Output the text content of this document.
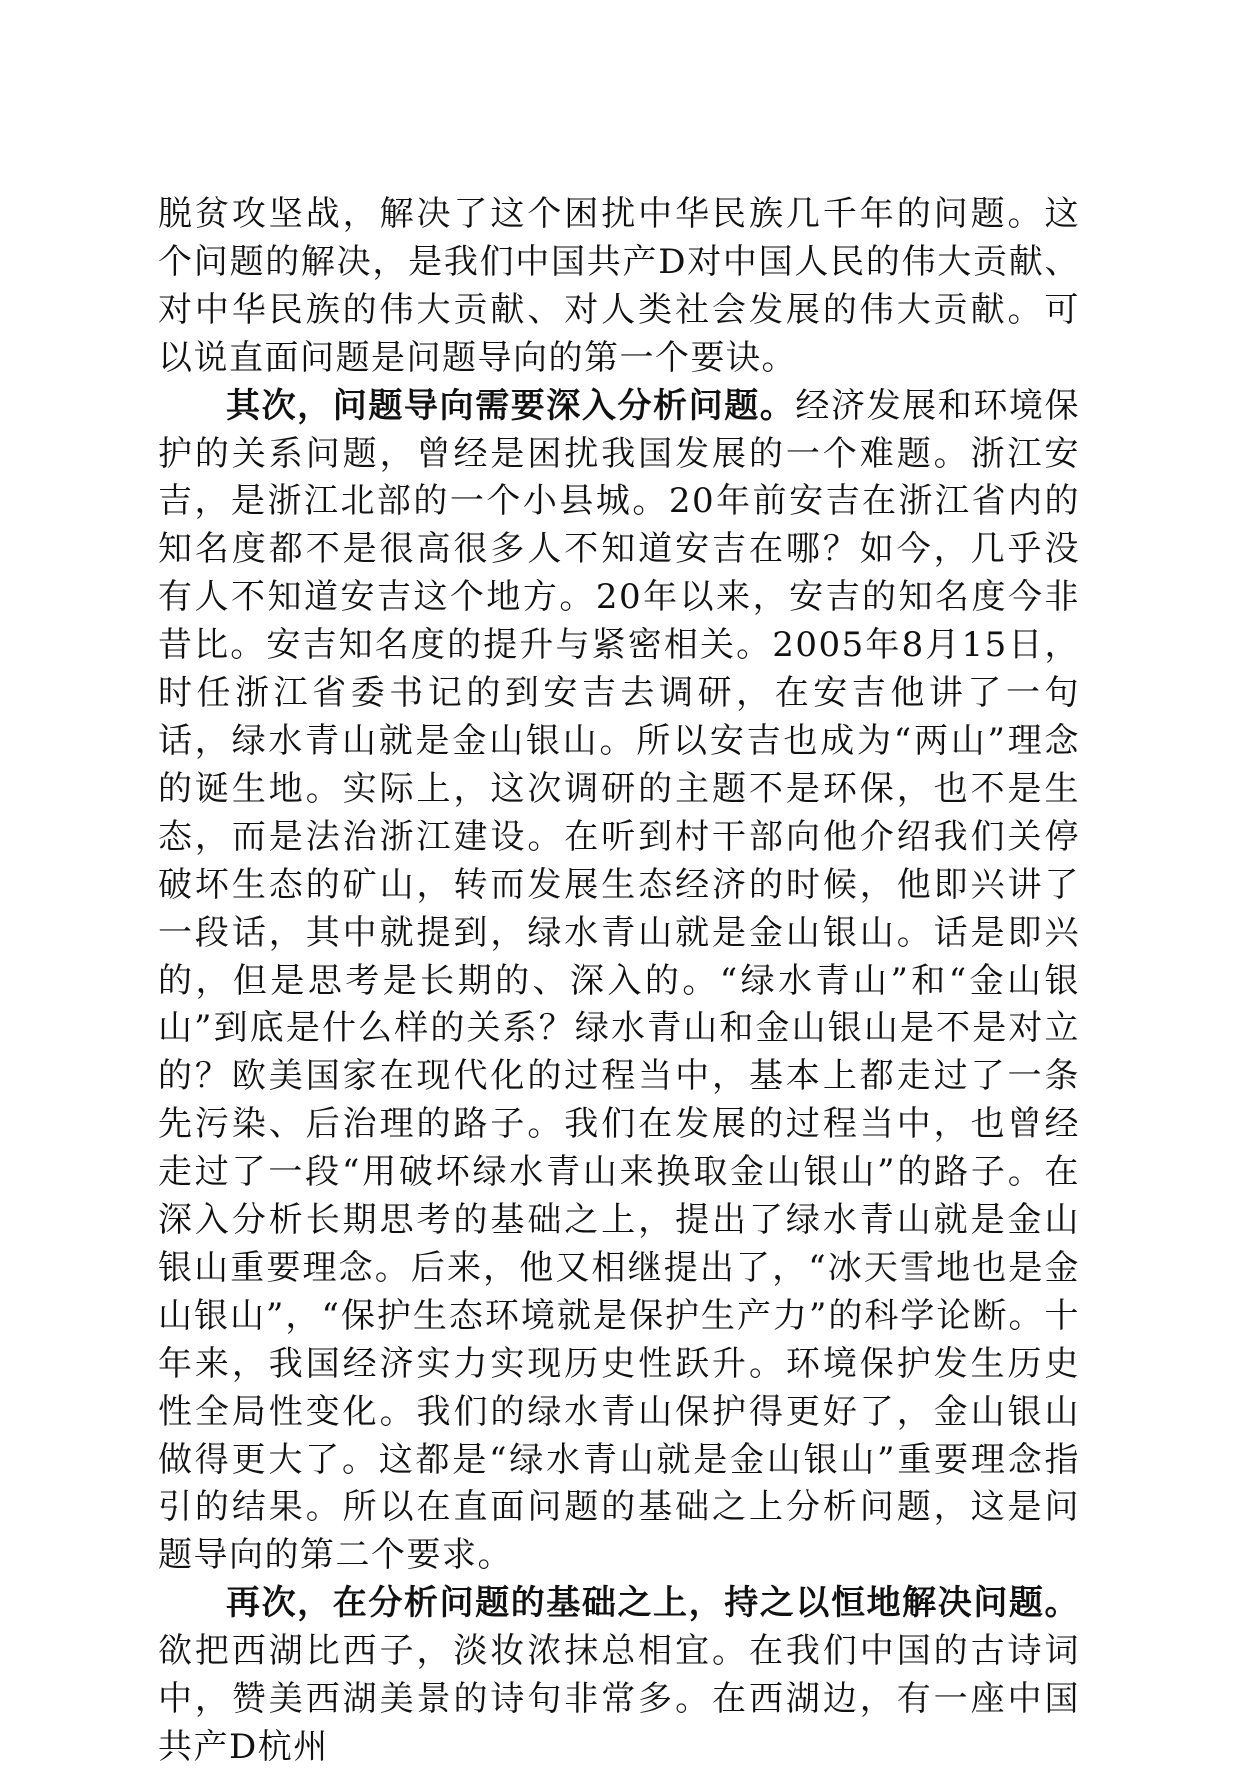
脱贫攻坚战，解决了这个困扰中华民族几千年的问题。这个问题的解决，是我们中国共产D对中国人民的伟大贡献、对中华民族的伟大贡献、对人类社会发展的伟大贡献。可以说直面问题是问题导向的第一个要诀。

其次，问题导向需要深入分析问题。经济发展和环境保护的关系问题，曾经是困扰我国发展的一个难题。浙江安吉，是浙江北部的一个小县城。20年前安吉在浙江省内的知名度都不是很高很多人不知道安吉在哪？如今，几乎没有人不知道安吉这个地方。20年以来，安吉的知名度今非昔比。安吉知名度的提升与紧密相关。2005年8月15日，时任浙江省委书记的到安吉去调研，在安吉他讲了一句话，绿水青山就是金山银山。所以安吉也成为“两山”理念的诞生地。实际上，这次调研的主题不是环保，也不是生态，而是法治浙江建设。在听到村干部向他介绍我们关停破坏生态的矿山，转而发展生态经济的时候，他即兴讲了一段话，其中就提到，绿水青山就是金山银山。话是即兴的，但是思考是长期的、深入的。“绿水青山”和“金山银山”到底是什么样的关系？绿水青山和金山银山是不是对立的？欧美国家在现代化的过程当中，基本上都走过了一条先污染、后治理的路子。我们在发展的过程当中，也曾经走过了一段“用破坏绿水青山来换取金山银山”的路子。在深入分析长期思考的基础之上，提出了绿水青山就是金山银山重要理念。后来，他又相继提出了，“冰天雪地也是金山银山”，“保护生态环境就是保护生产力”的科学论断。十年来，我国经济实力实现历史性跃升。环境保护发生历史性全局性变化。我们的绿水青山保护得更好了，金山银山做得更大了。这都是“绿水青山就是金山银山”重要理念指引的结果。所以在直面问题的基础之上分析问题，这是问题导向的第二个要求。

再次，在分析问题的基础之上，持之以恒地解决问题。欲把西湖比西子，淡妆浓抹总相宜。在我们中国的古诗词中，赞美西湖美景的诗句非常多。在西湖边，有一座中国共产D杭州
